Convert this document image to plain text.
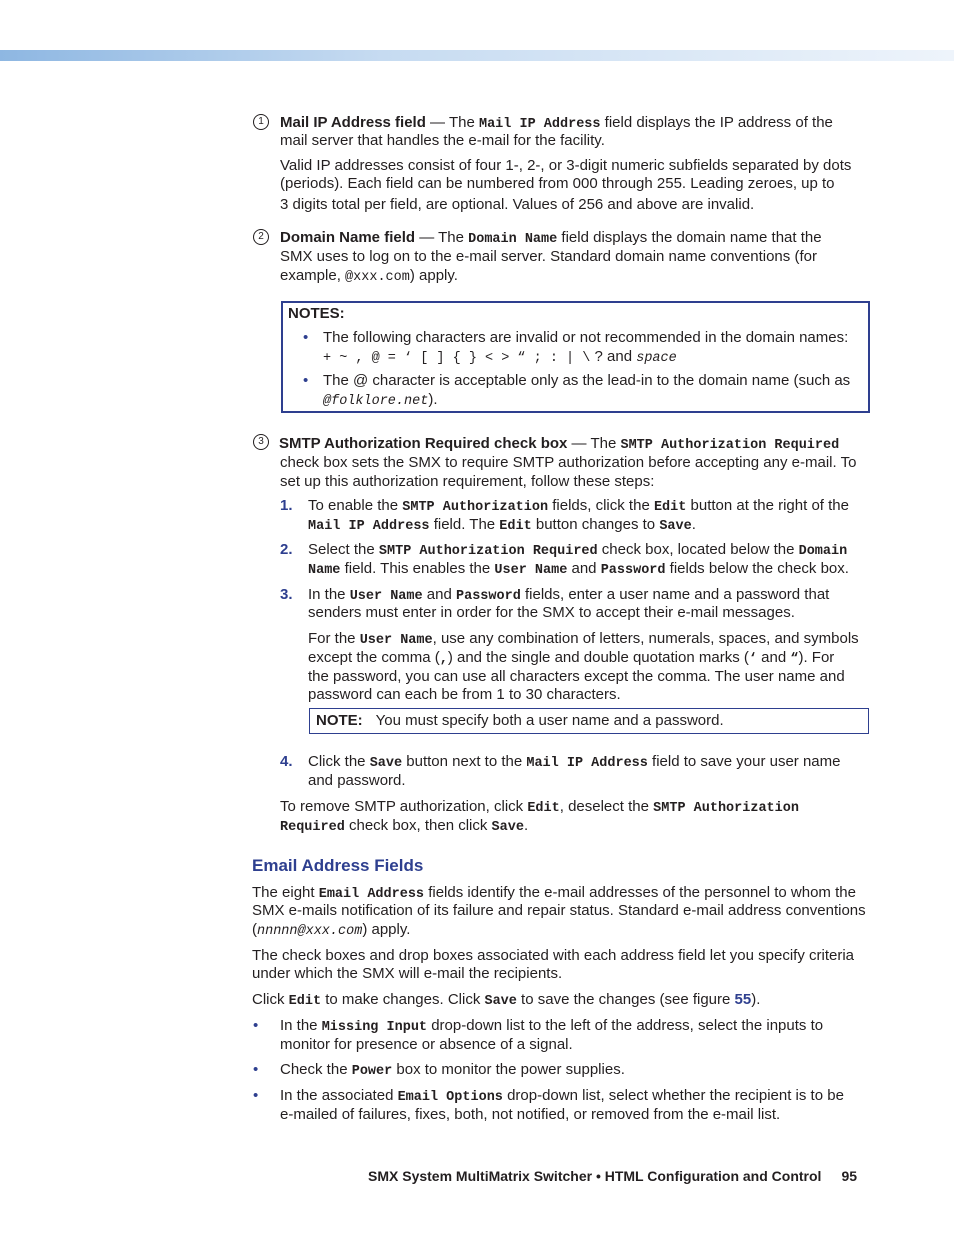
1	Mail IP Address field — The Mail IP Address field displays the IP address of the

mail server that handles the e-mail for the facility.

Valid IP addresses consist of four 1-, 2-, or 3-digit numeric subfields separated by dots

(periods). Each field can be numbered from 000 through 255. Leading zeroes, up to

3 digits total per field, are optional. Values of 256 and above are invalid.

2	Domain Name field — The Domain Name field displays the domain name that the

SMX uses to log on to the e-mail server. Standard domain name conventions (for

example, @xxx.com) apply.

NOTES:

• The following characters are invalid or not recommended in the domain names:

+ ~ , @ = ‘ [ ] { } < > “ ; : | \ ? and space

• The @ character is acceptable only as the lead-in to the domain name (such as

@folklore.net).

3	SMTP Authorization Required check box — The SMTP Authorization Required

check box sets the SMX to require SMTP authorization before accepting any e-mail. To

set up this authorization requirement, follow these steps:

1. To enable the SMTP Authorization fields, click the Edit button at the right of the

Mail IP Address field. The Edit button changes to Save.

2. Select the SMTP Authorization Required check box, located below the Domain

Name field. This enables the User Name and Password fields below the check box.

3. In the User Name and Password fields, enter a user name and a password that

senders must enter in order for the SMX to accept their e-mail messages.

For the User Name, use any combination of letters, numerals, spaces, and symbols

except the comma (,) and the single and double quotation marks (‘ and “). For

the password, you can use all characters except the comma. The user name and

password can each be from 1 to 30 characters.

NOTE: You must specify both a user name and a password.

4. Click the Save button next to the Mail IP Address field to save your user name

and password.

To remove SMTP authorization, click Edit, deselect the SMTP Authorization

Required check box, then click Save.

Email Address Fields

The eight Email Address fields identify the e-mail addresses of the personnel to whom the

SMX e-mails notification of its failure and repair status. Standard e-mail address conventions

(nnnnn@xxx.com) apply.

The check boxes and drop boxes associated with each address field let you specify criteria

under which the SMX will e-mail the recipients.

Click Edit to make changes. Click Save to save the changes (see figure 55).

• In the Missing Input drop-down list to the left of the address, select the inputs to

monitor for presence or absence of a signal.

• Check the Power box to monitor the power supplies.

• In the associated Email Options drop-down list, select whether the recipient is to be

e-mailed of failures, fixes, both, not notified, or removed from the e-mail list.

SMX System MultiMatrix Switcher • HTML Configuration and Control 95
